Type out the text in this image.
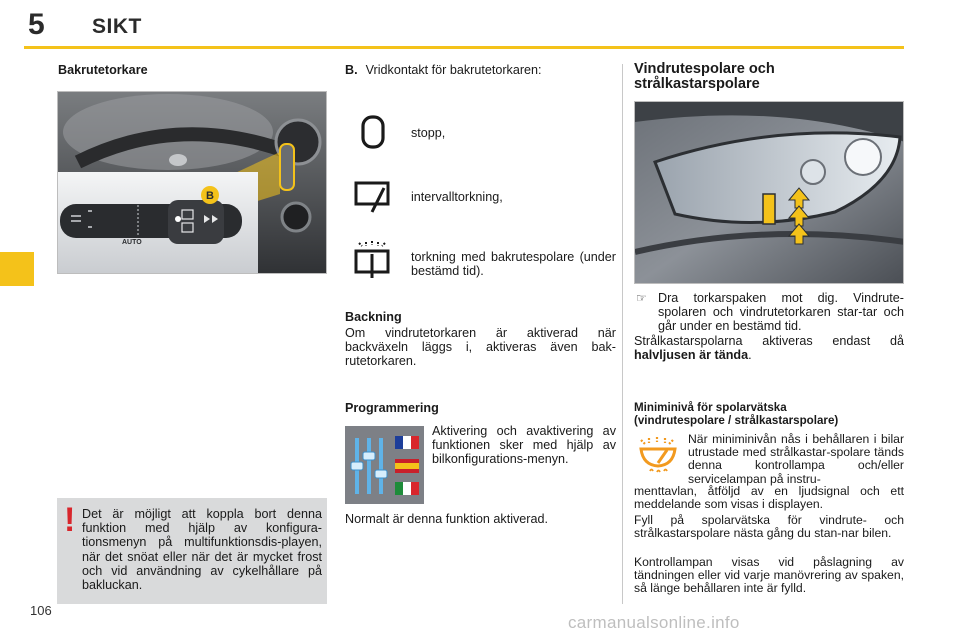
5 SIKT
Bakrutetorkare
AUTO
B
! Det är möjligt att koppla bort denna funktion med hjälp av konfigura-tionsmenyn på multifunktionsdis-playen, när det snöat eller när det är mycket frost och vid användning av cykelhållare på bakluckan.
B. Vridkontakt för bakrutetorkaren:
stopp,
intervalltorkning,
torkning med bakrutespolare (under bestämd tid).
Backning
Om vindrutetorkaren är aktiverad när backväxeln läggs i, aktiveras även bak-rutetorkaren.
Programmering
Aktivering och avaktivering av funktionen sker med hjälp av bilkonfigurations-menyn.
Normalt är denna funktion aktiverad.
Vindrutespolare och strålkastarspolare
☞ Dra torkarspaken mot dig. Vindrute-spolaren och vindrutetorkaren star-tar och går under en bestämd tid.
Strålkastarspolarna aktiveras endast då halvljusen är tända.
Miniminivå för spolarvätska
(vindrutespolare / strålkastarspolare)
När miniminivån nås i behållaren i bilar utrustade med strålkastar-spolare tänds denna kontrollampa och/eller servicelampan på instru-
menttavlan, åtföljd av en ljudsignal och ett meddelande som visas i displayen.
Fyll på spolarvätska för vindrute- och strålkastarspolare nästa gång du stan-nar bilen.
Kontrollampan visas vid påslagning av tändningen eller vid varje manövrering av spaken, så länge behållaren inte är fylld.
106
carmanualsonline.info
